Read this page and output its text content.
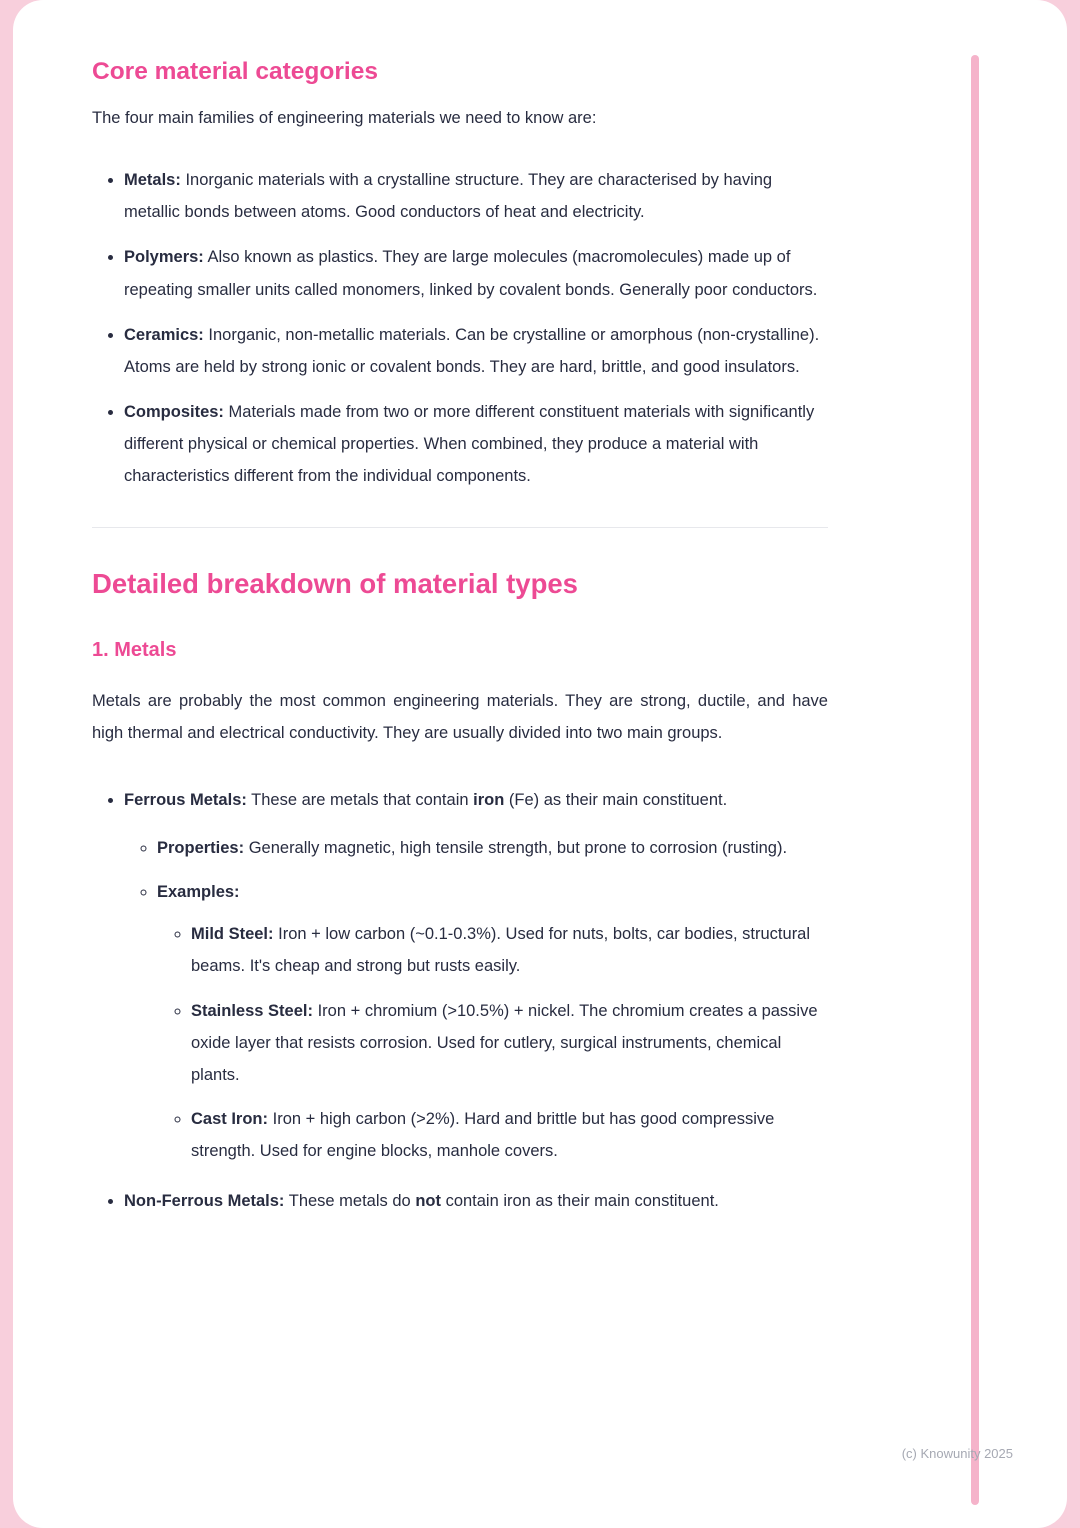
Core material categories

The four main families of engineering materials we need to know are:

• Metals: Inorganic materials with a crystalline structure. They are characterised by having metallic bonds between atoms. Good conductors of heat and electricity.
• Polymers: Also known as plastics. They are large molecules (macromolecules) made up of repeating smaller units called monomers, linked by covalent bonds. Generally poor conductors.
• Ceramics: Inorganic, non-metallic materials. Can be crystalline or amorphous (non-crystalline). Atoms are held by strong ionic or covalent bonds. They are hard, brittle, and good insulators.
• Composites: Materials made from two or more different constituent materials with significantly different physical or chemical properties. When combined, they produce a material with characteristics different from the individual components.
Detailed breakdown of material types
1. Metals

Metals are probably the most common engineering materials. They are strong, ductile, and have high thermal and electrical conductivity. They are usually divided into two main groups.

• Ferrous Metals: These are metals that contain iron (Fe) as their main constituent.
◦ Properties: Generally magnetic, high tensile strength, but prone to corrosion (rusting).
◦ Examples:
◦ Mild Steel: Iron + low carbon (~0.1-0.3%). Used for nuts, bolts, car bodies, structural beams. It's cheap and strong but rusts easily.
◦ Stainless Steel: Iron + chromium (>10.5%) + nickel. The chromium creates a passive oxide layer that resists corrosion. Used for cutlery, surgical instruments, chemical plants.
◦ Cast Iron: Iron + high carbon (>2%). Hard and brittle but has good compressive strength. Used for engine blocks, manhole covers.
• Non-Ferrous Metals: These metals do not contain iron as their main constituent.
(c) Knowunity 2025
